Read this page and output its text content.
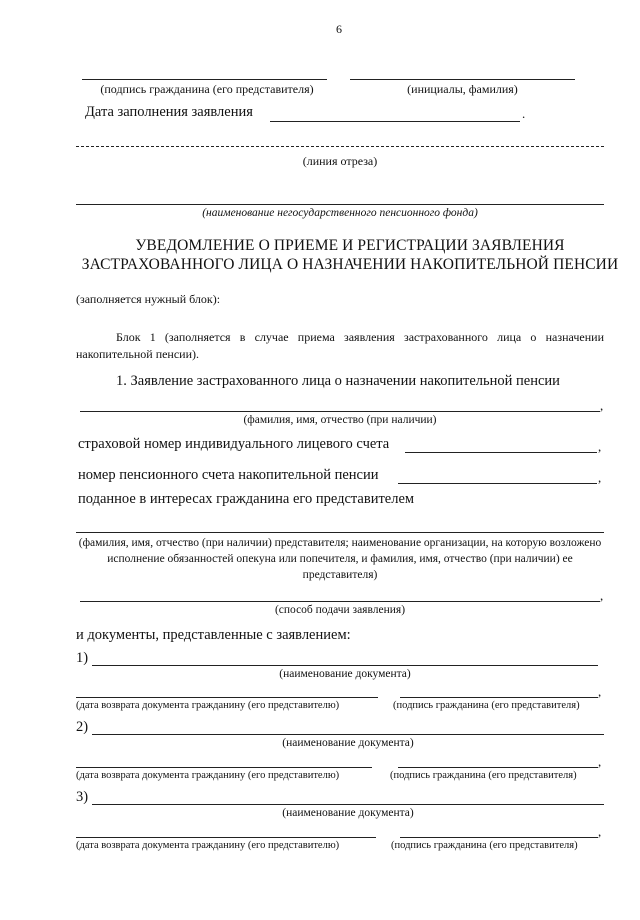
6
(подпись гражданина (его представителя)	(инициалы, фамилия)
Дата заполнения заявления	.
(линия отреза)
(наименование негосударственного пенсионного фонда)
УВЕДОМЛЕНИЕ О ПРИЕМЕ И РЕГИСТРАЦИИ ЗАЯВЛЕНИЯ
ЗАСТРАХОВАННОГО ЛИЦА О НАЗНАЧЕНИИ НАКОПИТЕЛЬНОЙ ПЕНСИИ
(заполняется нужный блок):
Блок 1 (заполняется в случае приема заявления застрахованного лица о назначении накопительной пенсии).
1. Заявление застрахованного лица о назначении накопительной пенсии
,
(фамилия, имя, отчество (при наличии)
страховой номер индивидуального лицевого счета	,
номер пенсионного счета накопительной пенсии	,
поданное в интересах гражданина его представителем
(фамилия, имя, отчество (при наличии) представителя; наименование организации, на которую возложено исполнение обязанностей опекуна или попечителя, и фамилия, имя, отчество (при наличии) ее представителя)
,
(способ подачи заявления)
и документы, представленные с заявлением:
1)
(наименование документа)
,
(дата возврата документа гражданину (его представителю)	(подпись гражданина (его представителя)
2)
(наименование документа)
,
(дата возврата документа гражданину (его представителю)	(подпись гражданина (его представителя)
3)
(наименование документа)
,
(дата возврата документа гражданину (его представителю)	(подпись гражданина (его представителя)
